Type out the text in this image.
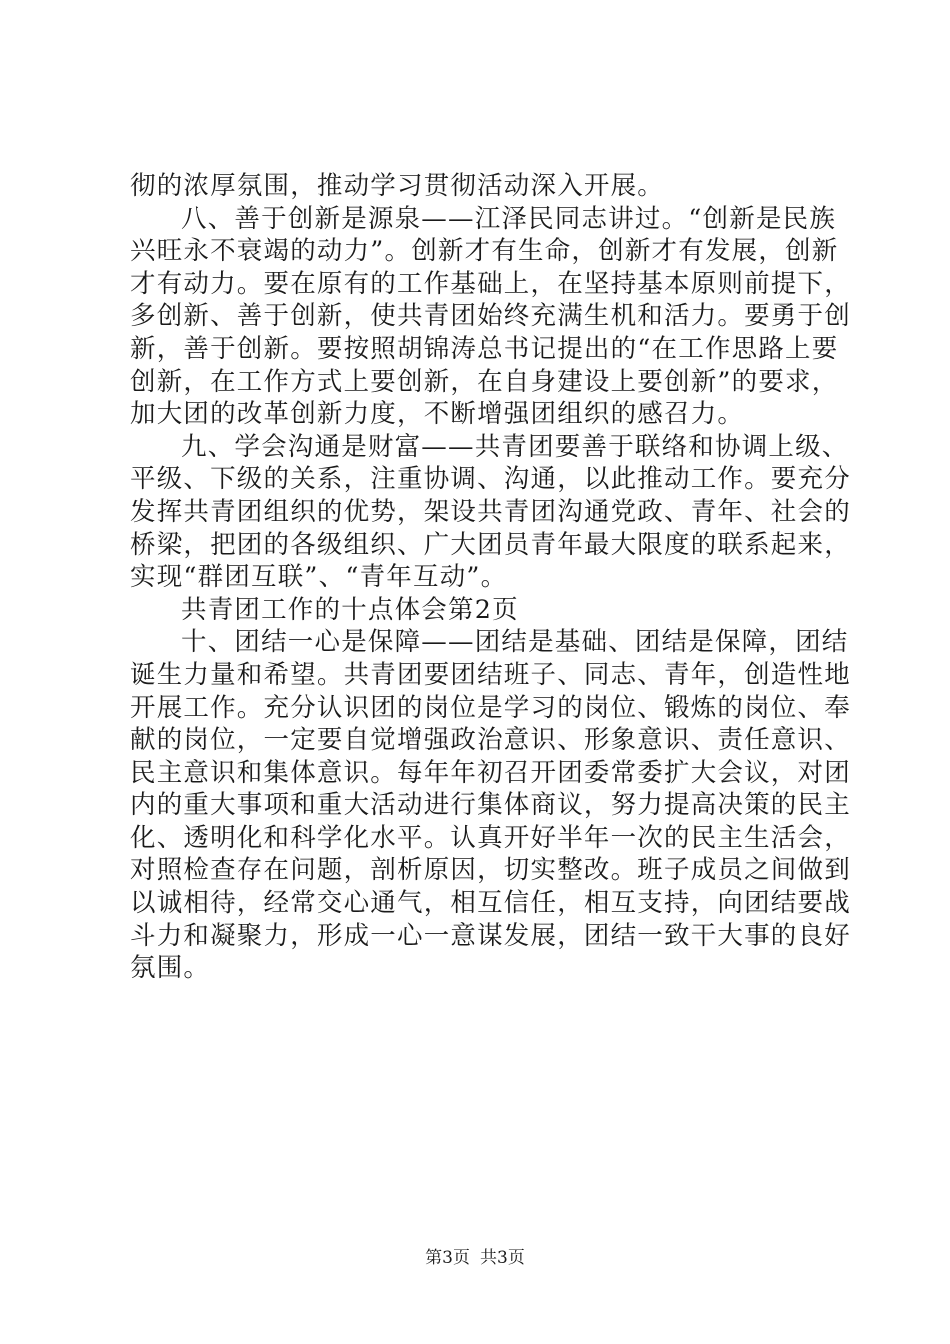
彻的浓厚氛围，推动学习贯彻活动深入开展。
八、善于创新是源泉——江泽民同志讲过。“创新是民族
兴旺永不衰竭的动力”。创新才有生命，创新才有发展，创新
才有动力。要在原有的工作基础上，在坚持基本原则前提下，
多创新、善于创新，使共青团始终充满生机和活力。要勇于创
新，善于创新。要按照胡锦涛总书记提出的“在工作思路上要
创新，在工作方式上要创新，在自身建设上要创新”的要求，
加大团的改革创新力度，不断增强团组织的感召力。
九、学会沟通是财富——共青团要善于联络和协调上级、
平级、下级的关系，注重协调、沟通，以此推动工作。要充分
发挥共青团组织的优势，架设共青团沟通党政、青年、社会的
桥梁，把团的各级组织、广大团员青年最大限度的联系起来，
实现“群团互联”、“青年互动”。
共青团工作的十点体会第2页
十、团结一心是保障——团结是基础、团结是保障，团结
诞生力量和希望。共青团要团结班子、同志、青年，创造性地
开展工作。充分认识团的岗位是学习的岗位、锻炼的岗位、奉
献的岗位，一定要自觉增强政治意识、形象意识、责任意识、
民主意识和集体意识。每年年初召开团委常委扩大会议，对团
内的重大事项和重大活动进行集体商议，努力提高决策的民主
化、透明化和科学化水平。认真开好半年一次的民主生活会，
对照检查存在问题，剖析原因，切实整改。班子成员之间做到
以诚相待，经常交心通气，相互信任，相互支持，向团结要战
斗力和凝聚力，形成一心一意谋发展，团结一致干大事的良好
氛围。
第3页 共3页
